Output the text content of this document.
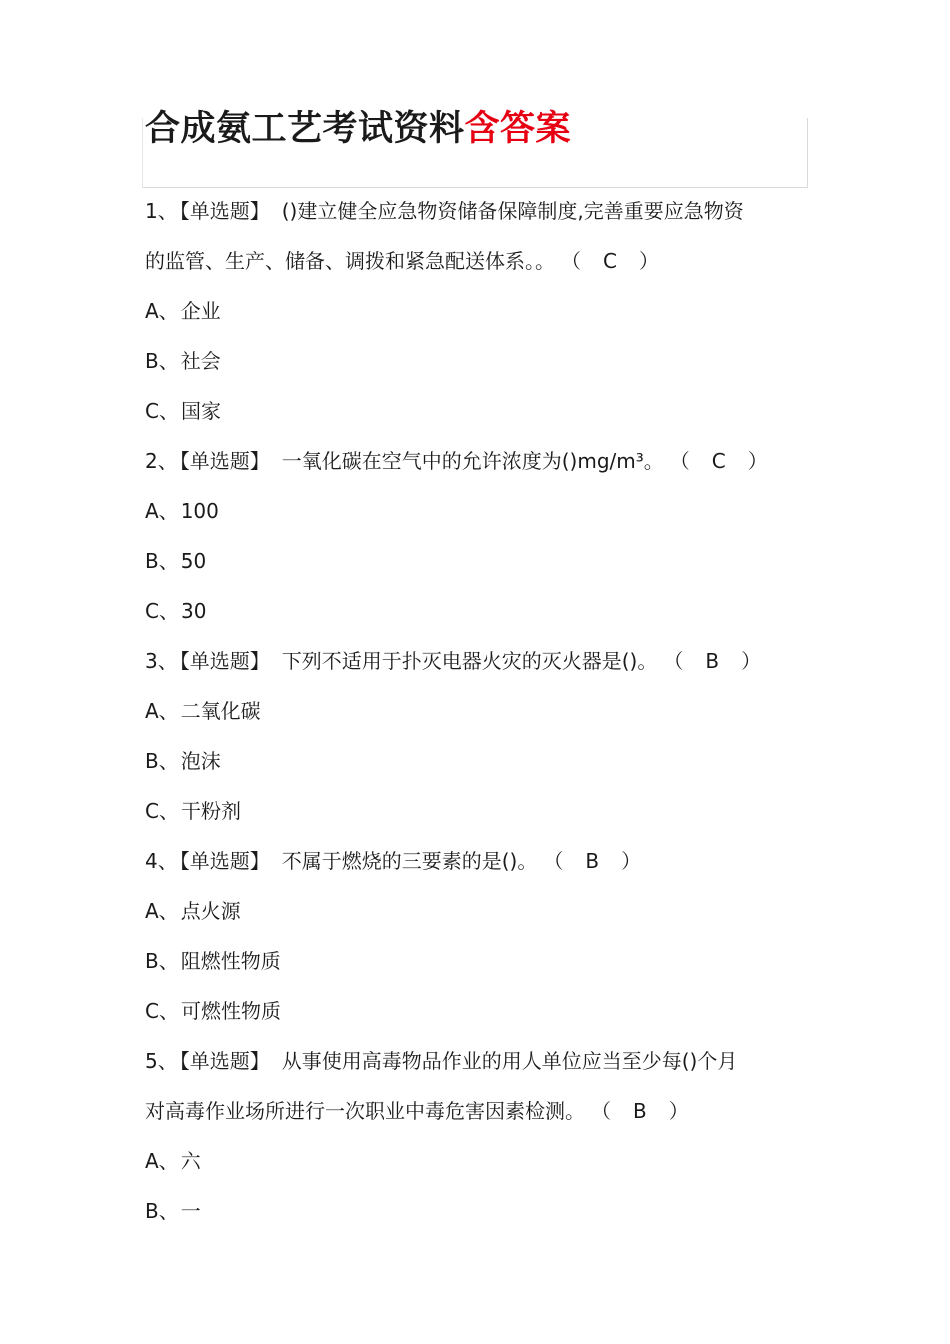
合成氨工艺考试资料含答案
1、 【单选题】 ()建立健全应急物资储备保障制度,完善重要应急物资
的监管、生产、储备、调拨和紧急配送体系。。 （ C ）
A、 企业
B、 社会
C、 国家
2、 【单选题】 一氧化碳在空气中的允许浓度为()mg/m³。 （ C ）
A、 100
B、 50
C、 30
3、 【单选题】 下列不适用于扑灭电器火灾的灭火器是()。 （ B ）
A、 二氧化碳
B、 泡沫
C、 干粉剂
4、 【单选题】 不属于燃烧的三要素的是()。 （ B ）
A、 点火源
B、 阻燃性物质
C、 可燃性物质
5、 【单选题】 从事使用高毒物品作业的用人单位应当至少每()个月
对高毒作业场所进行一次职业中毒危害因素检测。 （ B ）
A、 六
B、 一
